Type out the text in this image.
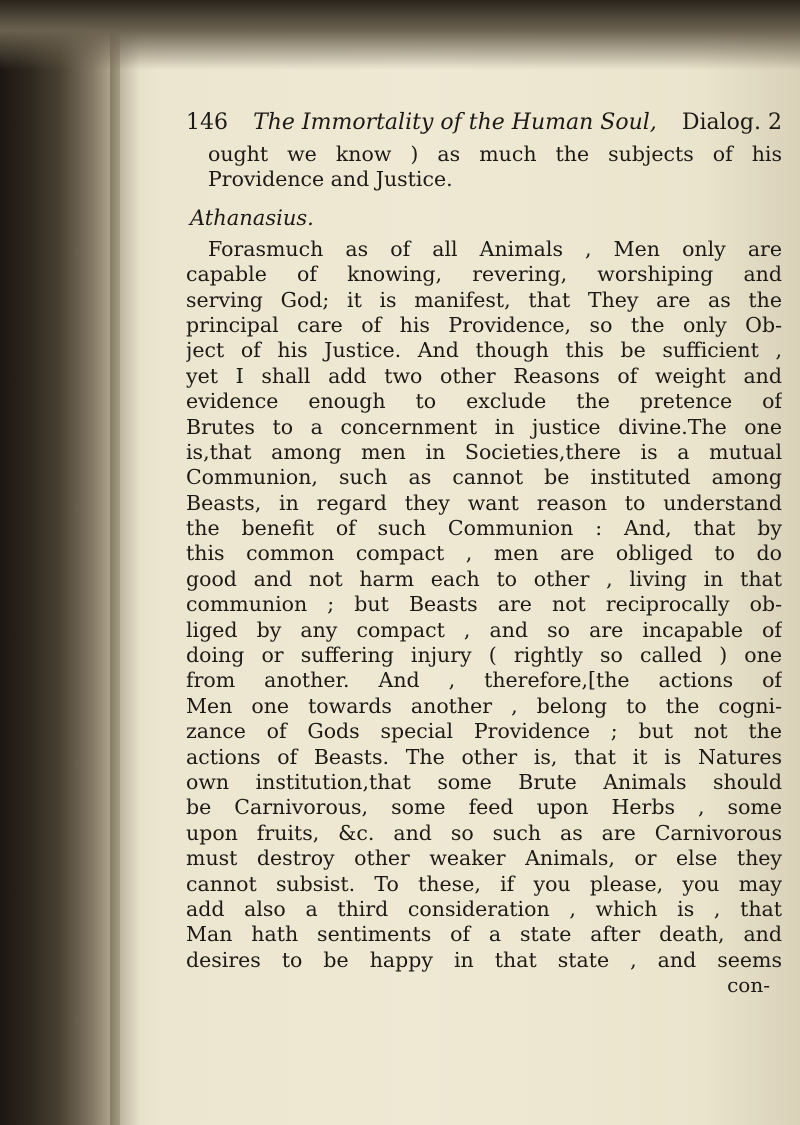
146 The Immortality of the Human Soul, Dialog. 2
ought we know ) as much the subjects of his
Providence and Justice.
Athanasius.
Forasmuch as of all Animals , Men only are
capable of knowing, revering, worshiping and
serving God; it is manifest, that They are as the
principal care of his Providence, so the only Ob-
ject of his Justice. And though this be sufficient ,
yet I shall add two other Reasons of weight and
evidence enough to exclude the pretence of
Brutes to a concernment in justice divine.The one
is,that among men in Societies,there is a mutual
Communion, such as cannot be instituted among
Beasts, in regard they want reason to understand
the benefit of such Communion : And, that by
this common compact , men are obliged to do
good and not harm each to other , living in that
communion ; but Beasts are not reciprocally ob-
liged by any compact , and so are incapable of
doing or suffering injury ( rightly so called ) one
from another. And , therefore,[the actions of
Men one towards another , belong to the cogni-
zance of Gods special Providence ; but not the
actions of Beasts. The other is, that it is Natures
own institution,that some Brute Animals should
be Carnivorous, some feed upon Herbs , some
upon fruits, &c. and so such as are Carnivorous
must destroy other weaker Animals, or else they
cannot subsist. To these, if you please, you may
add also a third consideration , which is , that
Man hath sentiments of a state after death, and
desires to be happy in that state , and seems
con-
